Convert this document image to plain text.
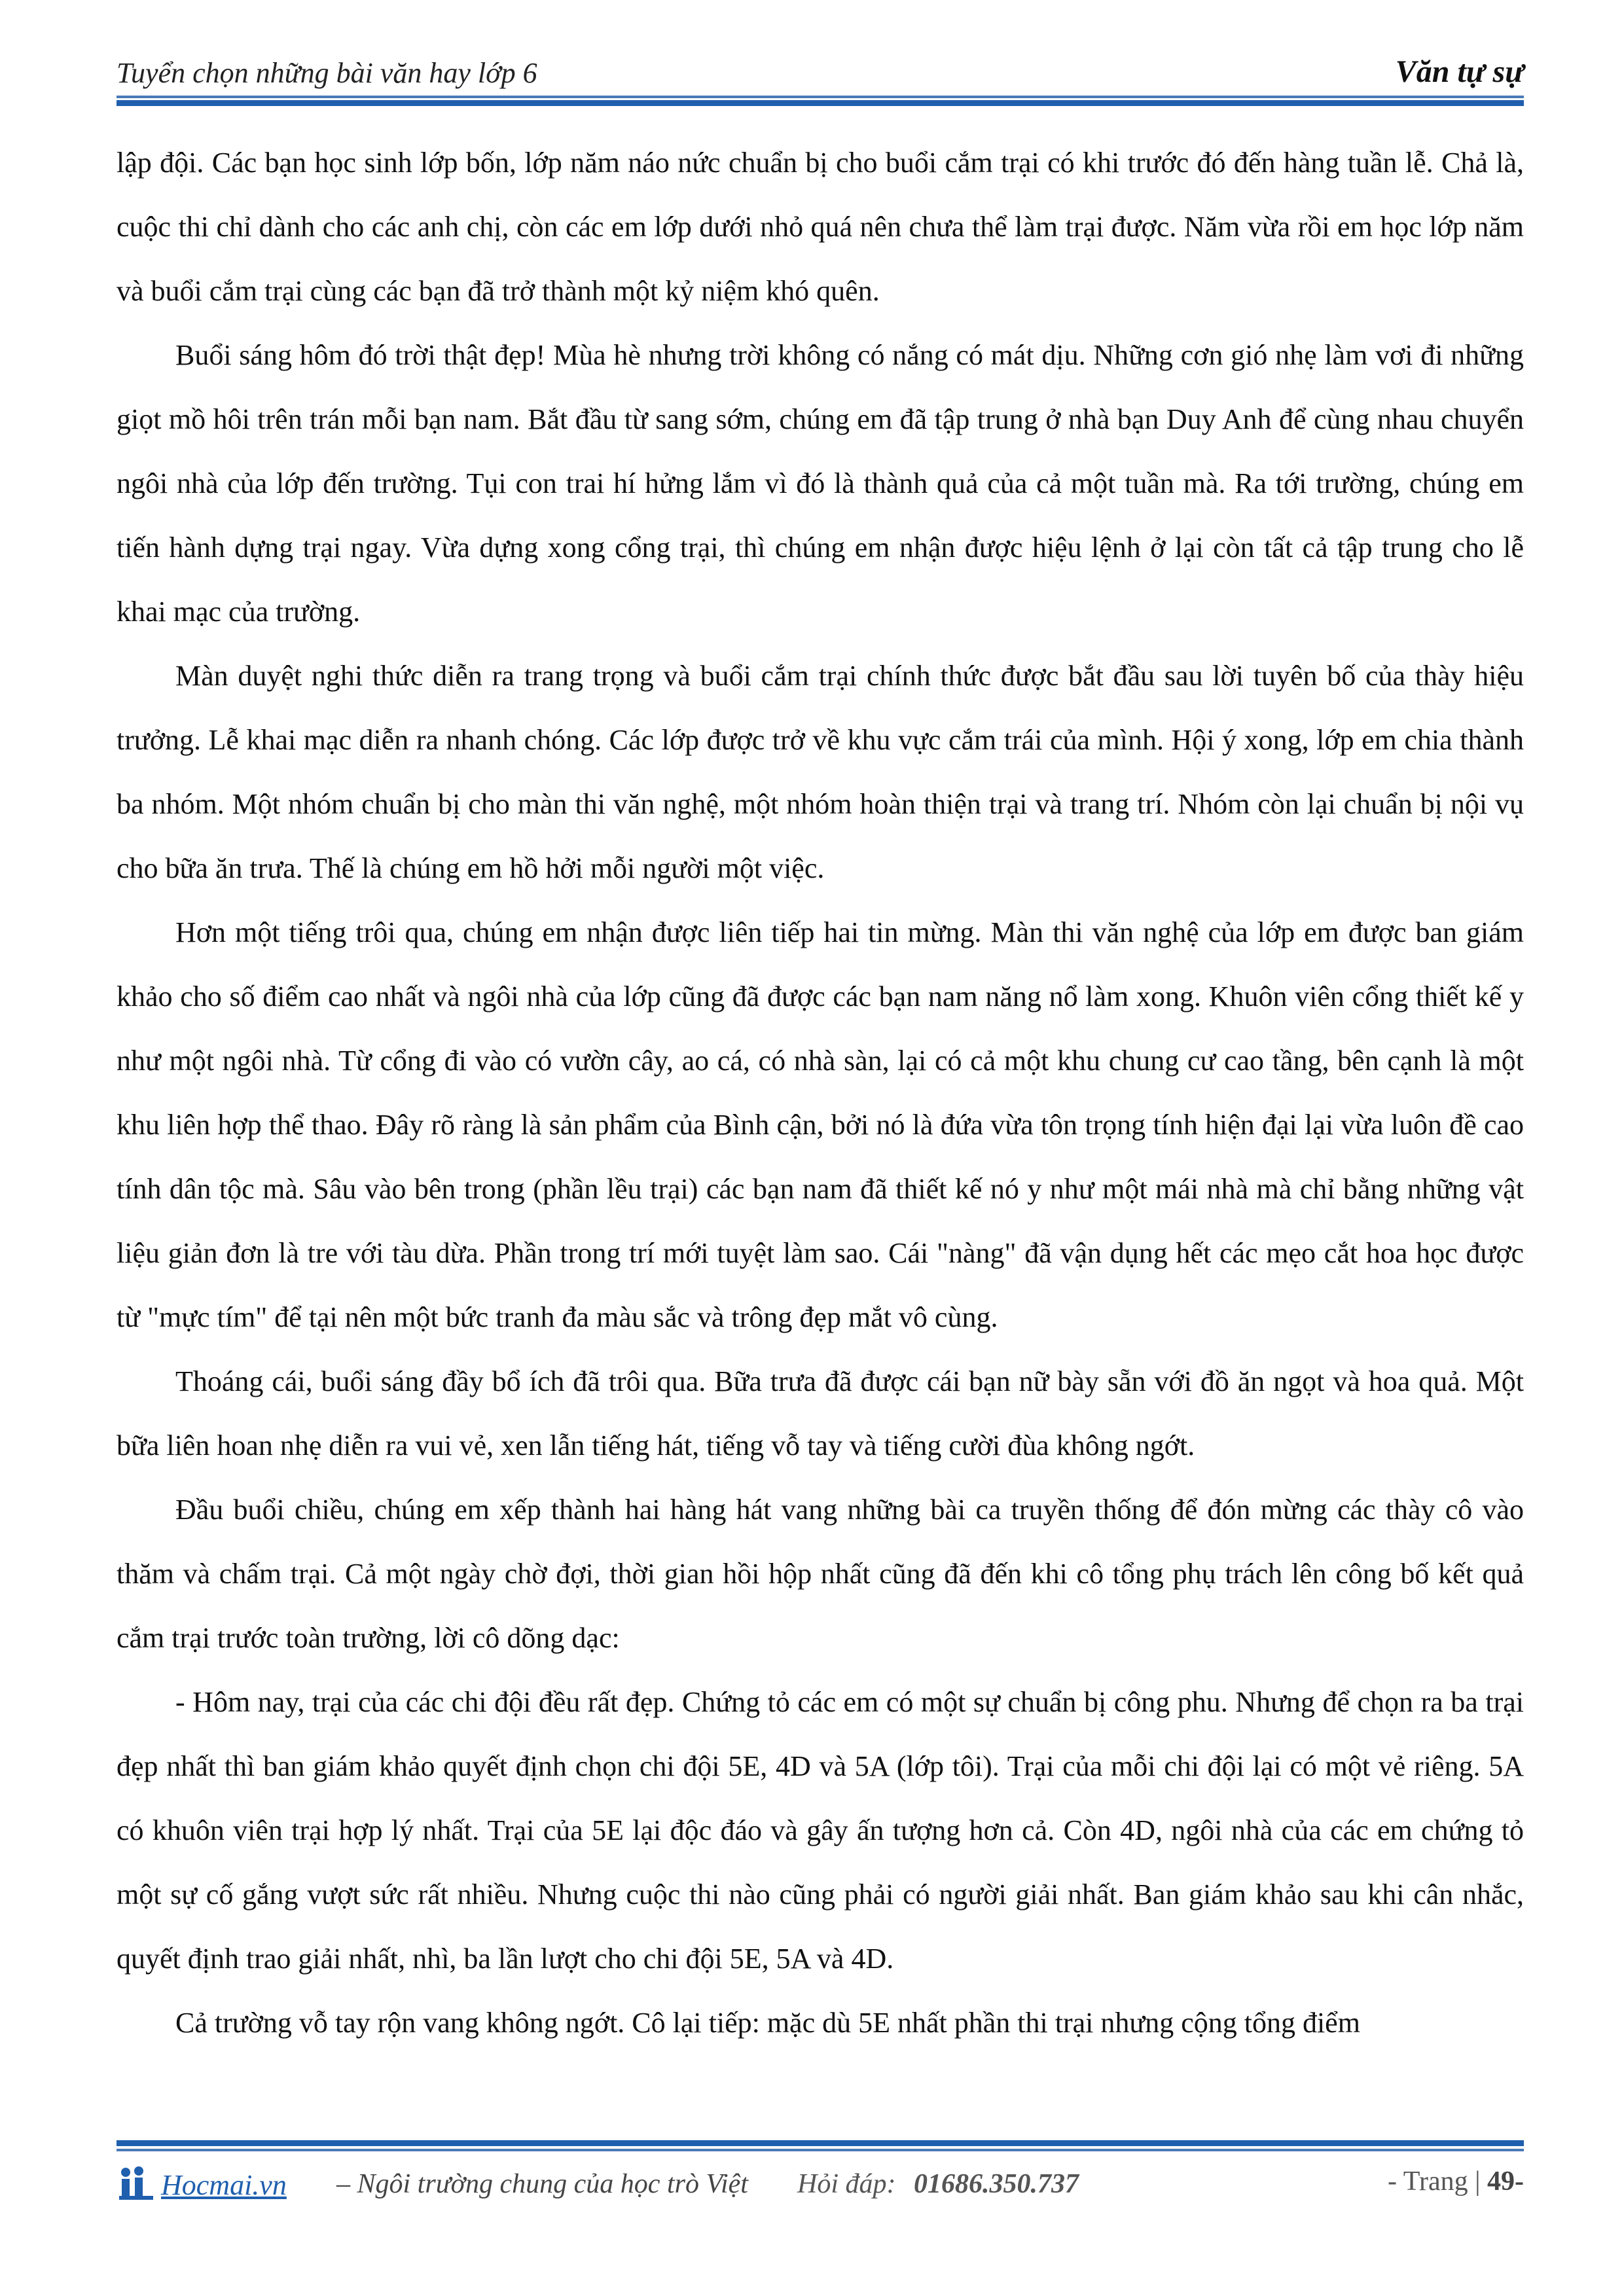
Tuyển chọn những bài văn hay lớp 6	Văn tự sự

lập đội. Các bạn học sinh lớp bốn, lớp năm náo nức chuẩn bị cho buổi cắm trại có khi trước đó đến hàng tuần lễ. Chả là, cuộc thi chỉ dành cho các anh chị, còn các em lớp dưới nhỏ quá nên chưa thể làm trại được. Năm vừa rồi em học lớp năm và buổi cắm trại cùng các bạn đã trở thành một kỷ niệm khó quên.

Buổi sáng hôm đó trời thật đẹp! Mùa hè nhưng trời không có nắng có mát dịu. Những cơn gió nhẹ làm vơi đi những giọt mồ hôi trên trán mỗi bạn nam. Bắt đầu từ sang sớm, chúng em đã tập trung ở nhà bạn Duy Anh để cùng nhau chuyển ngôi nhà của lớp đến trường. Tụi con trai hí hửng lắm vì đó là thành quả của cả một tuần mà. Ra tới trường, chúng em tiến hành dựng trại ngay. Vừa dựng xong cổng trại, thì chúng em nhận được hiệu lệnh ở lại còn tất cả tập trung cho lễ khai mạc của trường.

Màn duyệt nghi thức diễn ra trang trọng và buổi cắm trại chính thức được bắt đầu sau lời tuyên bố của thày hiệu trưởng. Lễ khai mạc diễn ra nhanh chóng. Các lớp được trở về khu vực cắm trái của mình. Hội ý xong, lớp em chia thành ba nhóm. Một nhóm chuẩn bị cho màn thi văn nghệ, một nhóm hoàn thiện trại và trang trí. Nhóm còn lại chuẩn bị nội vụ cho bữa ăn trưa. Thế là chúng em hồ hởi mỗi người một việc.

Hơn một tiếng trôi qua, chúng em nhận được liên tiếp hai tin mừng. Màn thi văn nghệ của lớp em được ban giám khảo cho số điểm cao nhất và ngôi nhà của lớp cũng đã được các bạn nam năng nổ làm xong. Khuôn viên cổng thiết kế y như một ngôi nhà. Từ cổng đi vào có vườn cây, ao cá, có nhà sàn, lại có cả một khu chung cư cao tầng, bên cạnh là một khu liên hợp thể thao. Đây rõ ràng là sản phẩm của Bình cận, bởi nó là đứa vừa tôn trọng tính hiện đại lại vừa luôn đề cao tính dân tộc mà. Sâu vào bên trong (phần lều trại) các bạn nam đã thiết kế nó y như một mái nhà mà chỉ bằng những vật liệu giản đơn là tre với tàu dừa. Phần trong trí mới tuyệt làm sao. Cái "nàng" đã vận dụng hết các mẹo cắt hoa học được từ "mực tím" để tại nên một bức tranh đa màu sắc và trông đẹp mắt vô cùng.

Thoáng cái, buổi sáng đầy bổ ích đã trôi qua. Bữa trưa đã được cái bạn nữ bày sẵn với đồ ăn ngọt và hoa quả. Một bữa liên hoan nhẹ diễn ra vui vẻ, xen lẫn tiếng hát, tiếng vỗ tay và tiếng cười đùa không ngớt.

Đầu buổi chiều, chúng em xếp thành hai hàng hát vang những bài ca truyền thống để đón mừng các thày cô vào thăm và chấm trại. Cả một ngày chờ đợi, thời gian hồi hộp nhất cũng đã đến khi cô tổng phụ trách lên công bố kết quả cắm trại trước toàn trường, lời cô dõng dạc:

- Hôm nay, trại của các chi đội đều rất đẹp. Chứng tỏ các em có một sự chuẩn bị công phu. Nhưng để chọn ra ba trại đẹp nhất thì ban giám khảo quyết định chọn chi đội 5E, 4D và 5A (lớp tôi). Trại của mỗi chi đội lại có một vẻ riêng. 5A có khuôn viên trại hợp lý nhất. Trại của 5E lại độc đáo và gây ấn tượng hơn cả. Còn 4D, ngôi nhà của các em chứng tỏ một sự cố gắng vượt sức rất nhiều. Nhưng cuộc thi nào cũng phải có người giải nhất. Ban giám khảo sau khi cân nhắc, quyết định trao giải nhất, nhì, ba lần lượt cho chi đội 5E, 5A và 4D.

Cả trường vỗ tay rộn vang không ngớt. Cô lại tiếp: mặc dù 5E nhất phần thi trại nhưng cộng tổng điểm

Hocmai.vn – Ngôi trường chung của học trò Việt Hỏi đáp: 01686.350.737	- Trang | 49-
